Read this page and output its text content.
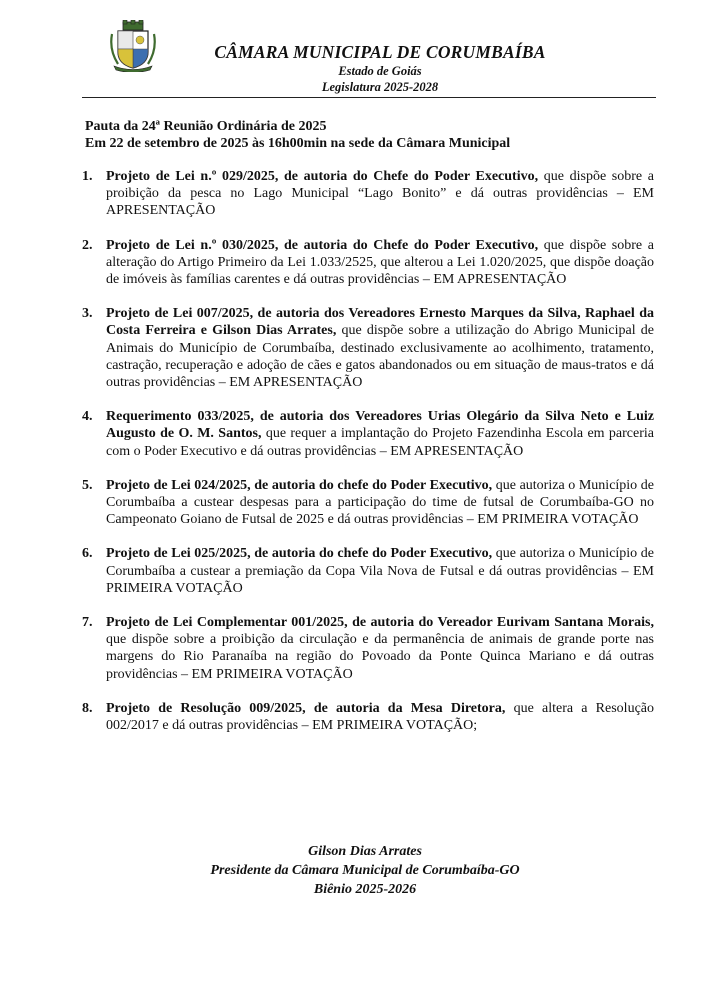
CÂMARA MUNICIPAL DE CORUMBAÍBA
Estado de Goiás
Legislatura 2025-2028
Pauta da 24ª Reunião Ordinária de 2025
Em 22 de setembro de 2025 às 16h00min na sede da Câmara Municipal
1. Projeto de Lei n.º 029/2025, de autoria do Chefe do Poder Executivo, que dispõe sobre a proibição da pesca no Lago Municipal “Lago Bonito” e dá outras providências – EM APRESENTAÇÃO
2. Projeto de Lei n.º 030/2025, de autoria do Chefe do Poder Executivo, que dispõe sobre a alteração do Artigo Primeiro da Lei 1.033/2525, que alterou a Lei 1.020/2025, que dispõe doação de imóveis às famílias carentes e dá outras providências – EM APRESENTAÇÃO
3. Projeto de Lei 007/2025, de autoria dos Vereadores Ernesto Marques da Silva, Raphael da Costa Ferreira e Gilson Dias Arrates, que dispõe sobre a utilização do Abrigo Municipal de Animais do Município de Corumbaíba, destinado exclusivamente ao acolhimento, tratamento, castração, recuperação e adoção de cães e gatos abandonados ou em situação de maus-tratos e dá outras providências – EM APRESENTAÇÃO
4. Requerimento 033/2025, de autoria dos Vereadores Urias Olegário da Silva Neto e Luiz Augusto de O. M. Santos, que requer a implantação do Projeto Fazendinha Escola em parceria com o Poder Executivo e dá outras providências – EM APRESENTAÇÃO
5. Projeto de Lei 024/2025, de autoria do chefe do Poder Executivo, que autoriza o Município de Corumbaíba a custear despesas para a participação do time de futsal de Corumbaíba-GO no Campeonato Goiano de Futsal de 2025 e dá outras providências – EM PRIMEIRA VOTAÇÃO
6. Projeto de Lei 025/2025, de autoria do chefe do Poder Executivo, que autoriza o Município de Corumbaíba a custear a premiação da Copa Vila Nova de Futsal e dá outras providências – EM PRIMEIRA VOTAÇÃO
7. Projeto de Lei Complementar 001/2025, de autoria do Vereador Eurivam Santana Morais, que dispõe sobre a proibição da circulação e da permanência de animais de grande porte nas margens do Rio Paranaíba na região do Povoado da Ponte Quinca Mariano e dá outras providências – EM PRIMEIRA VOTAÇÃO
8. Projeto de Resolução 009/2025, de autoria da Mesa Diretora, que altera a Resolução 002/2017 e dá outras providências – EM PRIMEIRA VOTAÇÃO;
Gilson Dias Arrates
Presidente da Câmara Municipal de Corumbaíba-GO
Biênio 2025-2026
